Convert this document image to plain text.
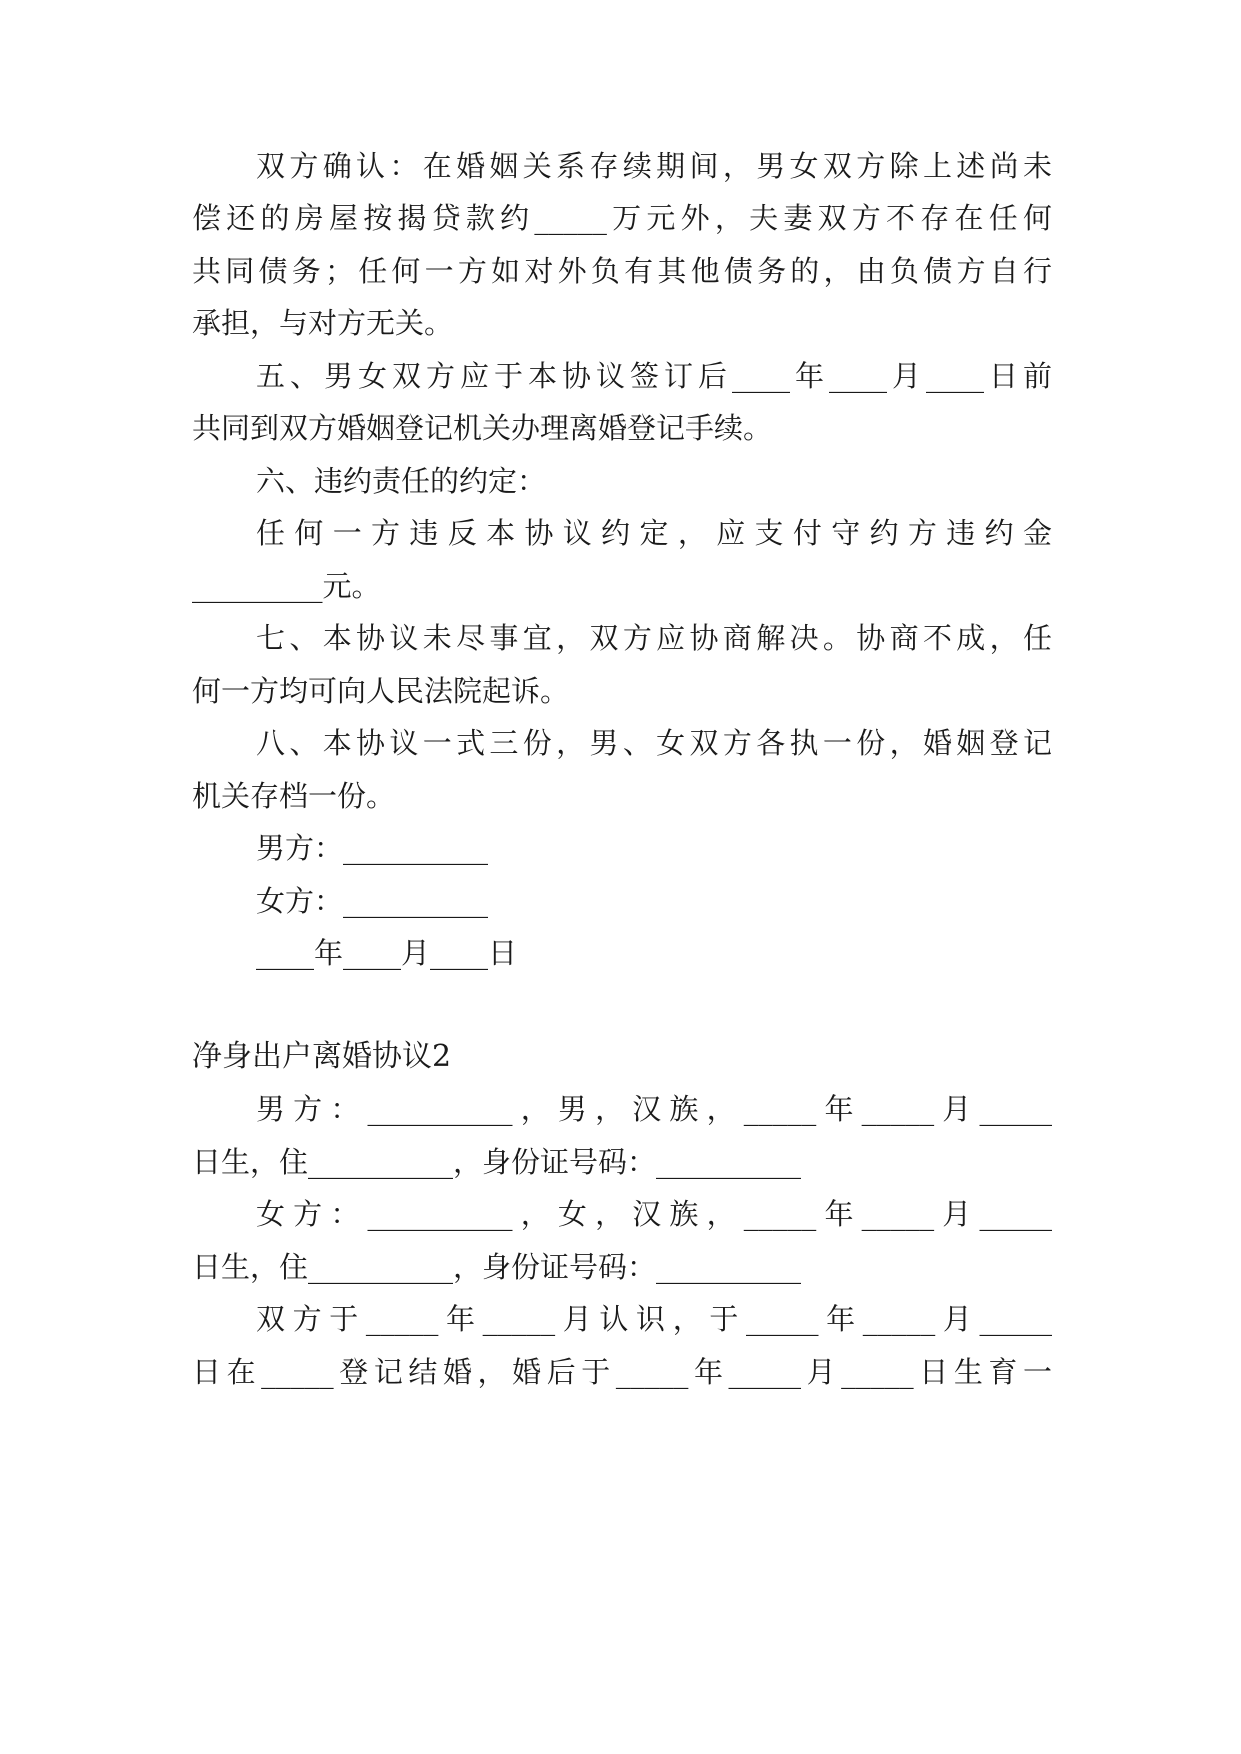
双方确认：在婚姻关系存续期间，男女双方除上述尚未
偿还的房屋按揭贷款约_____万元外，夫妻双方不存在任何
共同债务；任何一方如对外负有其他债务的，由负债方自行
承担，与对方无关。
五、男女双方应于本协议签订后____年____月____日前
共同到双方婚姻登记机关办理离婚登记手续。
六、违约责任的约定：
任何一方违反本协议约定，应支付守约方违约金
_________元。
七、本协议未尽事宜，双方应协商解决。协商不成，任
何一方均可向人民法院起诉。
八、本协议一式三份，男、女双方各执一份，婚姻登记
机关存档一份。
男方：__________
女方：__________
____年____月____日
净身出户离婚协议2
男方：__________，男，汉族，_____年_____月_____
日生，住__________，身份证号码：__________
女方：__________，女，汉族，_____年_____月_____
日生，住__________，身份证号码：__________
双方于_____年_____月认识，于_____年_____月_____
日在_____登记结婚，婚后于_____年_____月_____日生育一
